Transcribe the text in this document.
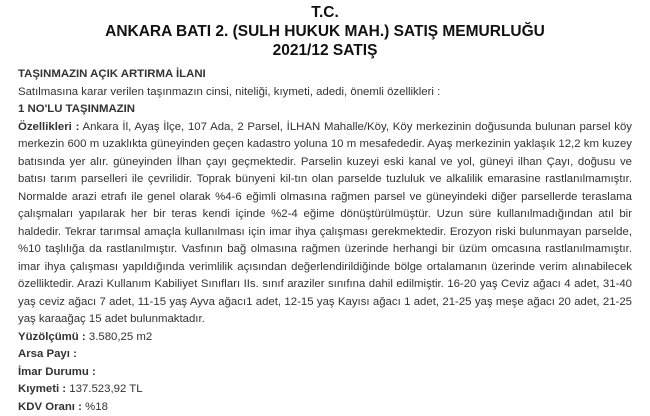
T.C.
ANKARA BATI 2. (SULH HUKUK MAH.) SATIŞ MEMURLUĞU
2021/12 SATIŞ
TAŞINMAZIN AÇIK ARTIRMA İLANI
Satılmasına karar verilen taşınmazın cinsi, niteliği, kıymeti, adedi, önemli özellikleri :
1 NO'LU TAŞINMAZIN
Özellikleri : Ankara İl, Ayaş İlçe, 107 Ada, 2 Parsel, İLHAN Mahalle/Köy, Köy merkezinin doğusunda bulunan parsel köy merkezin 600 m uzaklıkta güneyinden geçen kadastro yoluna 10 m mesafededir. Ayaş merkezinin yaklaşık 12,2 km kuzey batısında yer alır. güneyinden İlhan çayı geçmektedir. Parselin kuzeyi eski kanal ve yol, güneyi ilhan Çayı, doğusu ve batısı tarım parselleri ile çevrilidir. Toprak bünyeni kil-tın olan parselde tuzluluk ve alkalilik emarasine rastlanılmamıştır. Normalde arazi etrafı ile genel olarak %4-6 eğimli olmasına rağmen parsel ve güneyindeki diğer parsellerde teraslama çalışmaları yapılarak her bir teras kendi içinde %2-4 eğime dönüştürülmüştür. Uzun süre kullanılmadığından atıl bir haldedir. Tekrar tarımsal amaçla kullanılması için imar ihya çalışması gerekmektedir. Erozyon riski bulunmayan parselde, %10 taşlılığa da rastlanılmıştır. Vasfının bağ olmasına rağmen üzerinde herhangi bir üzüm omcasına rastlanılmamıştır. imar ihya çalışması yapıldığında verimlilik açısından değerlendirildiğinde bölge ortalamanın üzerinde verim alınabilecek özelliktedir. Arazi Kullanım Kabiliyet Sınıfları IIs. sınıf araziler sınıfına dahil edilmiştir. 16-20 yaş Ceviz ağacı 4 adet, 31-40 yaş ceviz ağacı 7 adet, 11-15 yaş Ayva ağacı1 adet, 12-15 yaş Kayısı ağacı 1 adet, 21-25 yaş meşe ağacı 20 adet, 21-25 yaş karaağaç 15 adet bulunmaktadır.
Yüzölçümü : 3.580,25 m2
Arsa Payı :
İmar Durumu :
Kıymeti : 137.523,92 TL
KDV Oranı : %18
